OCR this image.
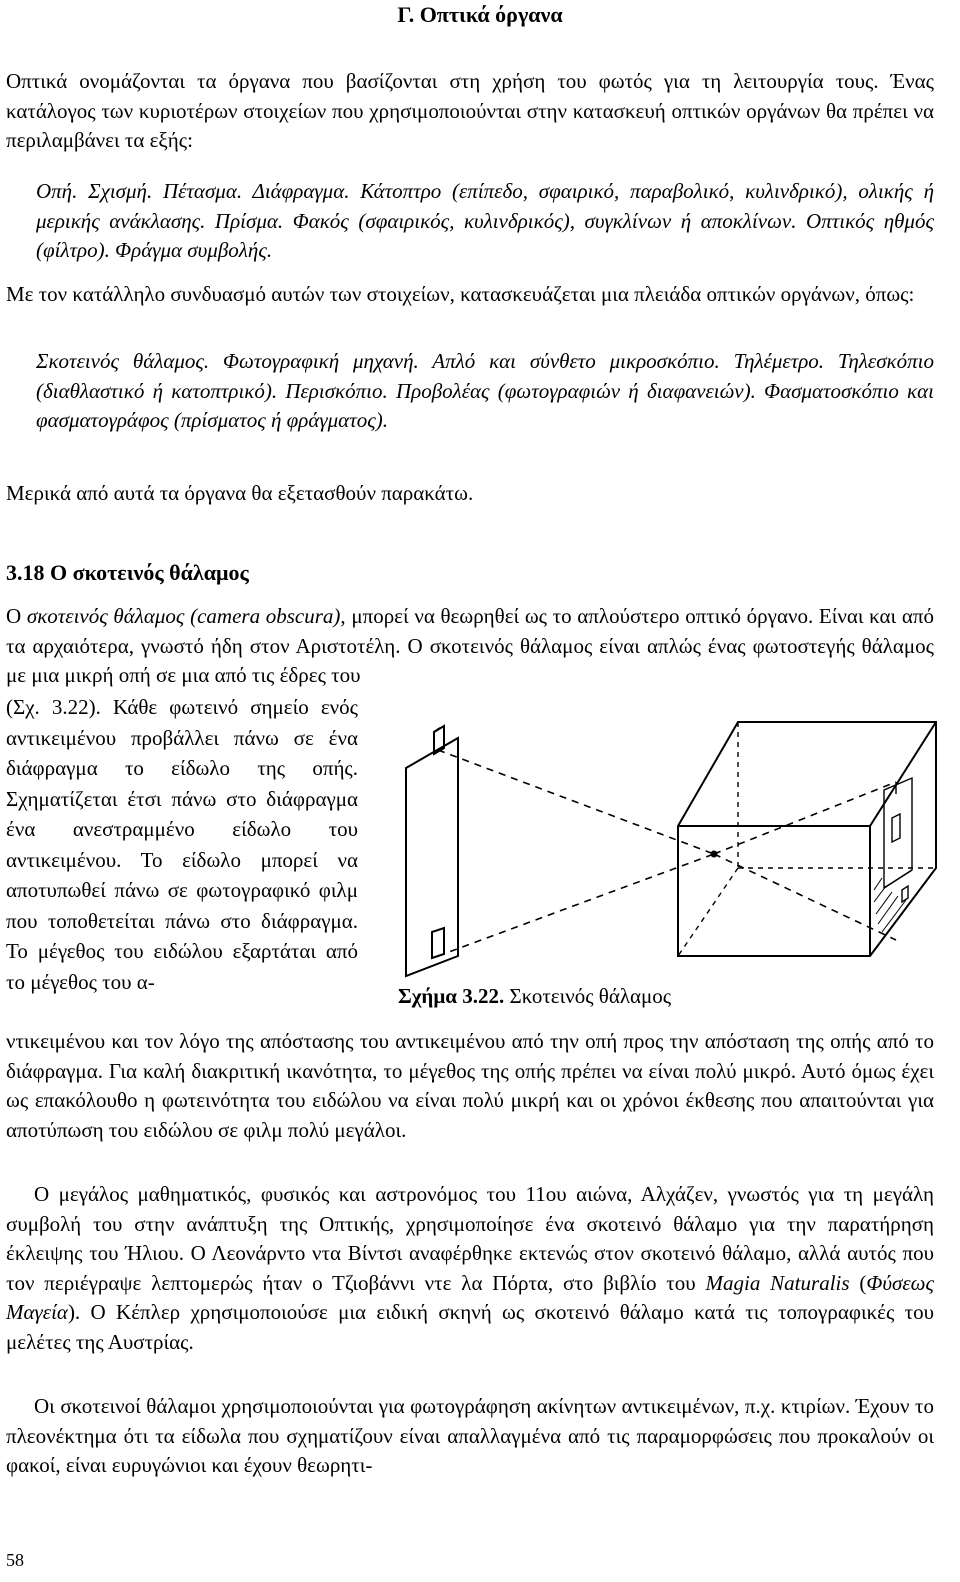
Γ. Οπτικά όργανα

Οπτικά ονομάζονται τα όργανα που βασίζονται στη χρήση του φωτός για τη λειτουργία τους. Ένας κατάλογος των κυριοτέρων στοιχείων που χρησιμοποιούνται στην κατασκευή οπτικών οργάνων θα πρέπει να περιλαμβάνει τα εξής:

Οπή. Σχισμή. Πέτασμα. Διάφραγμα. Κάτοπτρο (επίπεδο, σφαιρικό, παραβολικό, κυλινδρικό), ολικής ή μερικής ανάκλασης. Πρίσμα. Φακός (σφαιρικός, κυλινδρικός), συγκλίνων ή αποκλίνων. Οπτικός ηθμός (φίλτρο). Φράγμα συμβολής.

Με τον κατάλληλο συνδυασμό αυτών των στοιχείων, κατασκευάζεται μια πλειάδα οπτικών οργάνων, όπως:

Σκοτεινός θάλαμος. Φωτογραφική μηχανή. Απλό και σύνθετο μικροσκόπιο. Τηλέμετρο. Τηλεσκόπιο (διαθλαστικό ή κατοπτρικό). Περισκόπιο. Προβολέας (φωτογραφιών ή διαφανειών). Φασματοσκόπιο και φασματογράφος (πρίσματος ή φράγματος).

Μερικά από αυτά τα όργανα θα εξετασθούν παρακάτω.

3.18 Ο σκοτεινός θάλαμος

Ο σκοτεινός θάλαμος (camera obscura), μπορεί να θεωρηθεί ως το απλούστερο οπτικό όργανο. Είναι και από τα αρχαιότερα, γνωστό ήδη στον Αριστοτέλη. Ο σκοτεινός θάλαμος είναι απλώς ένας φωτοστεγής θάλαμος με μια μικρή οπή σε μια από τις έδρες του

(Σχ. 3.22). Κάθε φωτεινό σημείο ενός αντικειμένου προβάλλει πάνω σε ένα διάφραγμα το είδωλο της οπής. Σχηματίζεται έτσι πάνω στο διάφραγμα ένα ανεστραμμένο είδωλο του αντικειμένου. Το είδωλο μπορεί να αποτυπωθεί πάνω σε φωτογραφικό φιλμ που τοποθετείται πάνω στο διάφραγμα. Το μέγεθος του ειδώλου εξαρτάται από το μέγεθος του α-

Σχήμα 3.22. Σκοτεινός θάλαμος

ντικειμένου και τον λόγο της απόστασης του αντικειμένου από την οπή προς την απόσταση της οπής από το διάφραγμα. Για καλή διακριτική ικανότητα, το μέγεθος της οπής πρέπει να είναι πολύ μικρό. Αυτό όμως έχει ως επακόλουθο η φωτεινότητα του ειδώλου να είναι πολύ μικρή και οι χρόνοι έκθεσης που απαιτούνται για αποτύπωση του ειδώλου σε φιλμ πολύ μεγάλοι.

Ο μεγάλος μαθηματικός, φυσικός και αστρονόμος του 11ου αιώνα, Αλχάζεν, γνωστός για τη μεγάλη συμβολή του στην ανάπτυξη της Οπτικής, χρησιμοποίησε ένα σκοτεινό θάλαμο για την παρατήρηση έκλειψης του Ήλιου. Ο Λεονάρντο ντα Βίντσι αναφέρθηκε εκτενώς στον σκοτεινό θάλαμο, αλλά αυτός που τον περιέγραψε λεπτομερώς ήταν ο Τζιοβάννι ντε λα Πόρτα, στο βιβλίο του Magia Naturalis (Φύσεως Μαγεία). Ο Κέπλερ χρησιμοποιούσε μια ειδική σκηνή ως σκοτεινό θάλαμο κατά τις τοπογραφικές του μελέτες της Αυστρίας.

Οι σκοτεινοί θάλαμοι χρησιμοποιούνται για φωτογράφηση ακίνητων αντικειμένων, π.χ. κτιρίων. Έχουν το πλεονέκτημα ότι τα είδωλα που σχηματίζουν είναι απαλλαγμένα από τις παραμορφώσεις που προκαλούν οι φακοί, είναι ευρυγώνιοι και έχουν θεωρητι-

58
